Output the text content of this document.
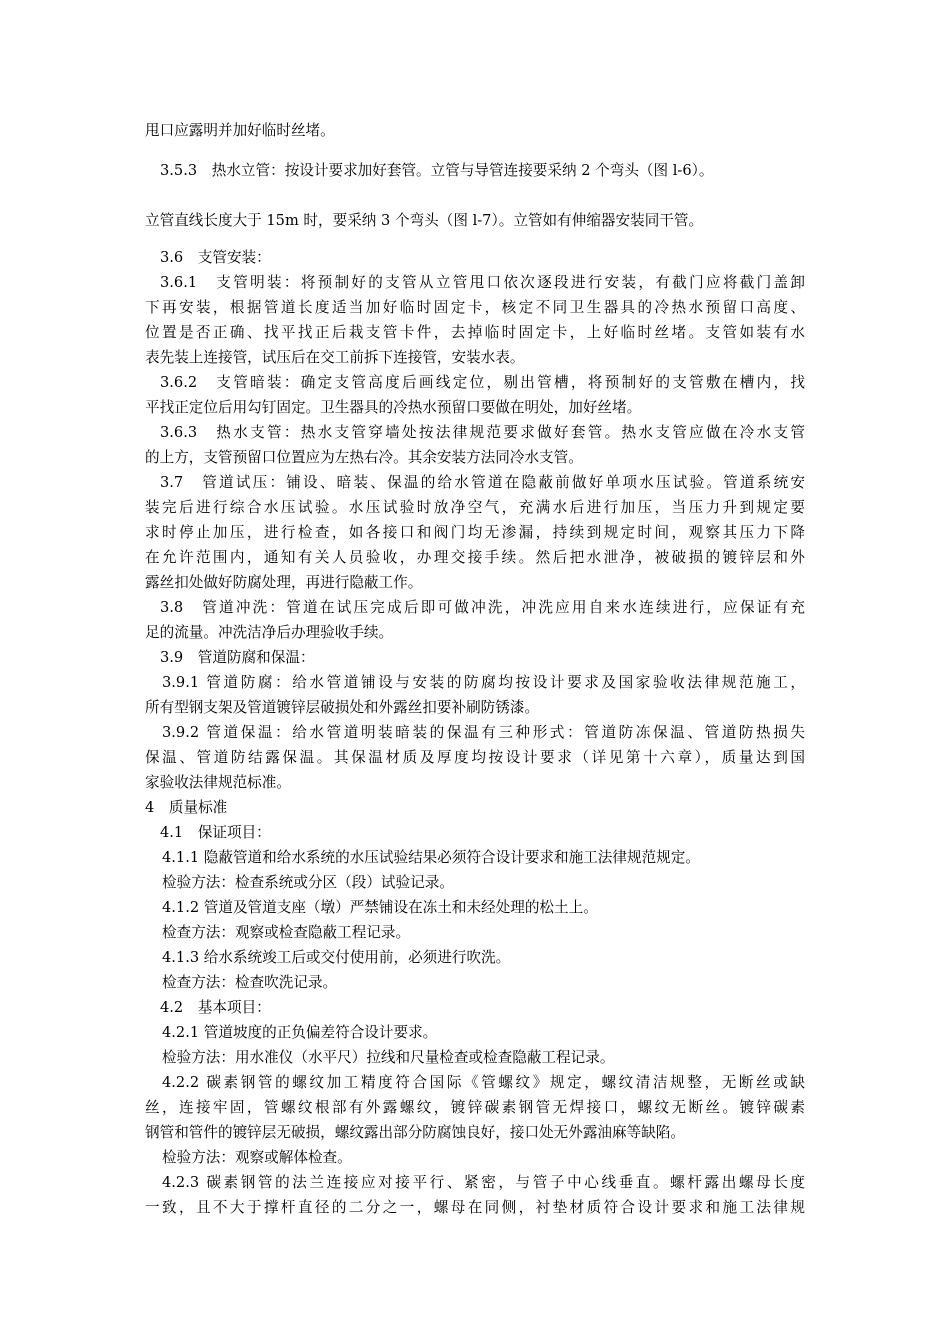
甩口应露明并加好临时丝堵。
3.5.3　热水立管：按设计要求加好套管。立管与导管连接要采纳 2 个弯头（图 l-6）。
立管直线长度大于 15m 时，要采纳 3 个弯头（图 l-7）。立管如有伸缩器安装同干管。
3.6　支管安装：
3.6.1　支管明装：将预制好的支管从立管甩口依次逐段进行安装，有截门应将截门盖卸
下再安装，根据管道长度适当加好临时固定卡，核定不同卫生器具的冷热水预留口高度、
位置是否正确、找平找正后栽支管卡件，去掉临时固定卡，上好临时丝堵。支管如装有水
表先装上连接管，试压后在交工前拆下连接管，安装水表。
3.6.2　支管暗装：确定支管高度后画线定位，剔出管槽，将预制好的支管敷在槽内，找
平找正定位后用勾钉固定。卫生器具的冷热水预留口要做在明处，加好丝堵。
3.6.3　热水支管：热水支管穿墙处按法律规范要求做好套管。热水支管应做在冷水支管
的上方，支管预留口位置应为左热右冷。其余安装方法同冷水支管。
3.7　管道试压：铺设、暗装、保温的给水管道在隐蔽前做好单项水压试验。管道系统安
装完后进行综合水压试验。水压试验时放净空气，充满水后进行加压，当压力升到规定要
求时停止加压，进行检查，如各接口和阀门均无渗漏，持续到规定时间，观察其压力下降
在允许范围内，通知有关人员验收，办理交接手续。然后把水泄净，被破损的镀锌层和外
露丝扣处做好防腐处理，再进行隐蔽工作。
3.8　管道冲洗：管道在试压完成后即可做冲洗，冲洗应用自来水连续进行，应保证有充
足的流量。冲洗洁净后办理验收手续。
3.9　管道防腐和保温：
3.9.1 管道防腐：给水管道铺设与安装的防腐均按设计要求及国家验收法律规范施工，
所有型钢支架及管道镀锌层破损处和外露丝扣要补刷防锈漆。
3.9.2 管道保温：给水管道明装暗装的保温有三种形式：管道防冻保温、管道防热损失
保温、管道防结露保温。其保温材质及厚度均按设计要求（详见第十六章），质量达到国
家验收法律规范标准。
4　质量标准
4.1　保证项目：
4.1.1 隐蔽管道和给水系统的水压试验结果必须符合设计要求和施工法律规范规定。
检验方法：检查系统或分区（段）试验记录。
4.1.2 管道及管道支座（墩）严禁铺设在冻土和未经处理的松土上。
检查方法：观察或检查隐蔽工程记录。
4.1.3 给水系统竣工后或交付使用前，必须进行吹洗。
检查方法：检查吹洗记录。
4.2　基本项目：
4.2.1 管道坡度的正负偏差符合设计要求。
检验方法：用水准仪（水平尺）拉线和尺量检查或检查隐蔽工程记录。
4.2.2 碳素钢管的螺纹加工精度符合国际《管螺纹》规定，螺纹清洁规整，无断丝或缺
丝，连接牢固，管螺纹根部有外露螺纹，镀锌碳素钢管无焊接口，螺纹无断丝。镀锌碳素
钢管和管件的镀锌层无破损，螺纹露出部分防腐蚀良好，接口处无外露油麻等缺陷。
检验方法：观察或解体检查。
4.2.3 碳素钢管的法兰连接应对接平行、紧密，与管子中心线垂直。螺杆露出螺母长度
一致，且不大于撑杆直径的二分之一，螺母在同侧，衬垫材质符合设计要求和施工法律规
